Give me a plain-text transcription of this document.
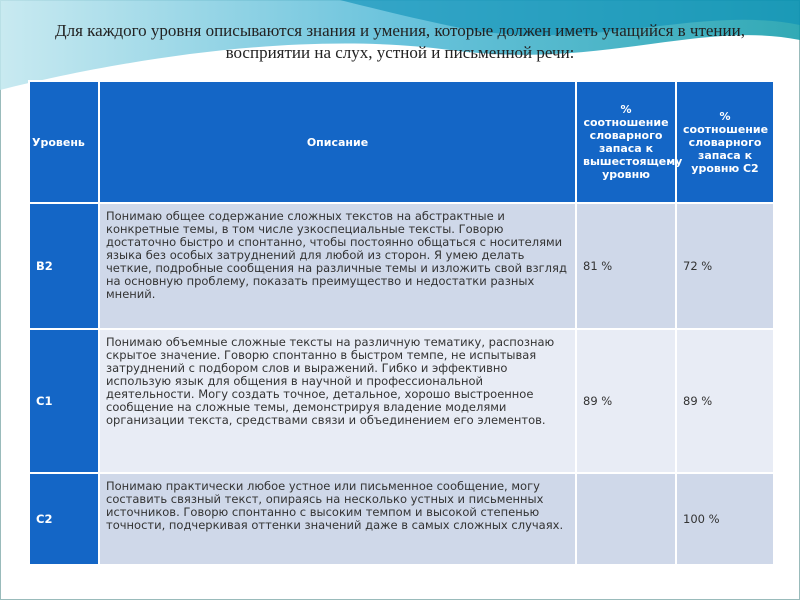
Для каждого уровня описываются знания и умения, которые должен иметь учащийся в чтении, восприятии на слух, устной и письменной речи:
Уровень	Описание	% соотношение словарного запаса к вышестоящему уровню	% соотношение словарного запаса к уровню С2
B2	Понимаю общее содержание сложных текстов на абстрактные и конкретные темы, в том числе узкоспециальные тексты. Говорю достаточно быстро и спонтанно, чтобы постоянно общаться с носителями языка без особых затруднений для любой из сторон. Я умею делать четкие, подробные сообщения на различные темы и изложить свой взгляд на основную проблему, показать преимущество и недостатки разных мнений.	81 %	72 %
C1	Понимаю объемные сложные тексты на различную тематику, распознаю скрытое значение. Говорю спонтанно в быстром темпе, не испытывая затруднений с подбором слов и выражений. Гибко и эффективно использую язык для общения в научной и профессиональной деятельности. Могу создать точное, детальное, хорошо выстроенное сообщение на сложные темы, демонстрируя владение моделями организации текста, средствами связи и объединением его элементов.	89 %	89 %
C2	Понимаю практически любое устное или письменное сообщение, могу составить связный текст, опираясь на несколько устных и письменных источников. Говорю спонтанно с высоким темпом и высокой степенью точности, подчеркивая оттенки значений даже в самых сложных случаях.		100 %
